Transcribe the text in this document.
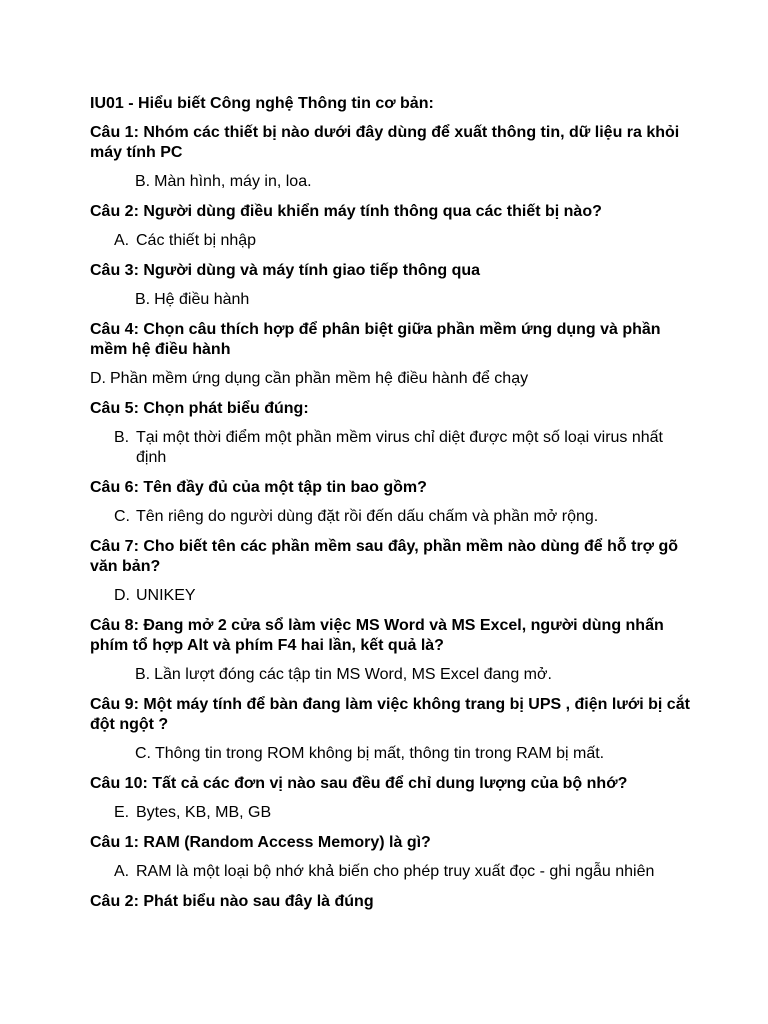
IU01 - Hiểu biết Công nghệ Thông tin cơ bản:
Câu 1: Nhóm các thiết bị nào dưới đây dùng để xuất thông tin, dữ liệu ra khỏi máy tính PC
B. Màn hình, máy in, loa.
Câu 2: Người dùng điều khiển máy tính thông qua các thiết bị nào?
A. Các thiết bị nhập
Câu 3: Người dùng và máy tính giao tiếp thông qua
B. Hệ điều hành
Câu 4: Chọn câu thích hợp để phân biệt giữa phần mềm ứng dụng và phần mềm hệ điều hành
D. Phần mềm ứng dụng cần phần mềm hệ điều hành để chạy
Câu 5: Chọn phát biểu đúng:
B. Tại một thời điểm một phần mềm virus chỉ diệt được một số loại virus nhất định
Câu 6: Tên đầy đủ của một tập tin bao gồm?
C. Tên riêng do người dùng đặt rồi đến dấu chấm và phần mở rộng.
Câu 7: Cho biết tên các phần mềm sau đây, phần mềm nào dùng để hỗ trợ gõ văn bản?
D. UNIKEY
Câu 8: Đang mở 2 cửa sổ làm việc MS Word và MS Excel, người dùng nhấn phím tổ hợp Alt và phím F4 hai lần, kết quả là?
B. Lần lượt đóng các tập tin MS Word, MS Excel đang mở.
Câu 9: Một máy tính để bàn đang làm việc không trang bị UPS , điện lưới bị cắt đột ngột ?
C. Thông tin trong ROM không bị mất, thông tin trong RAM bị mất.
Câu 10: Tất cả các đơn vị nào sau đều để chỉ dung lượng của bộ nhớ?
E. Bytes, KB, MB, GB
Câu 1: RAM (Random Access Memory) là gì?
A. RAM là một loại bộ nhớ khả biến cho phép truy xuất đọc - ghi ngẫu nhiên
Câu 2: Phát biểu nào sau đây là đúng
